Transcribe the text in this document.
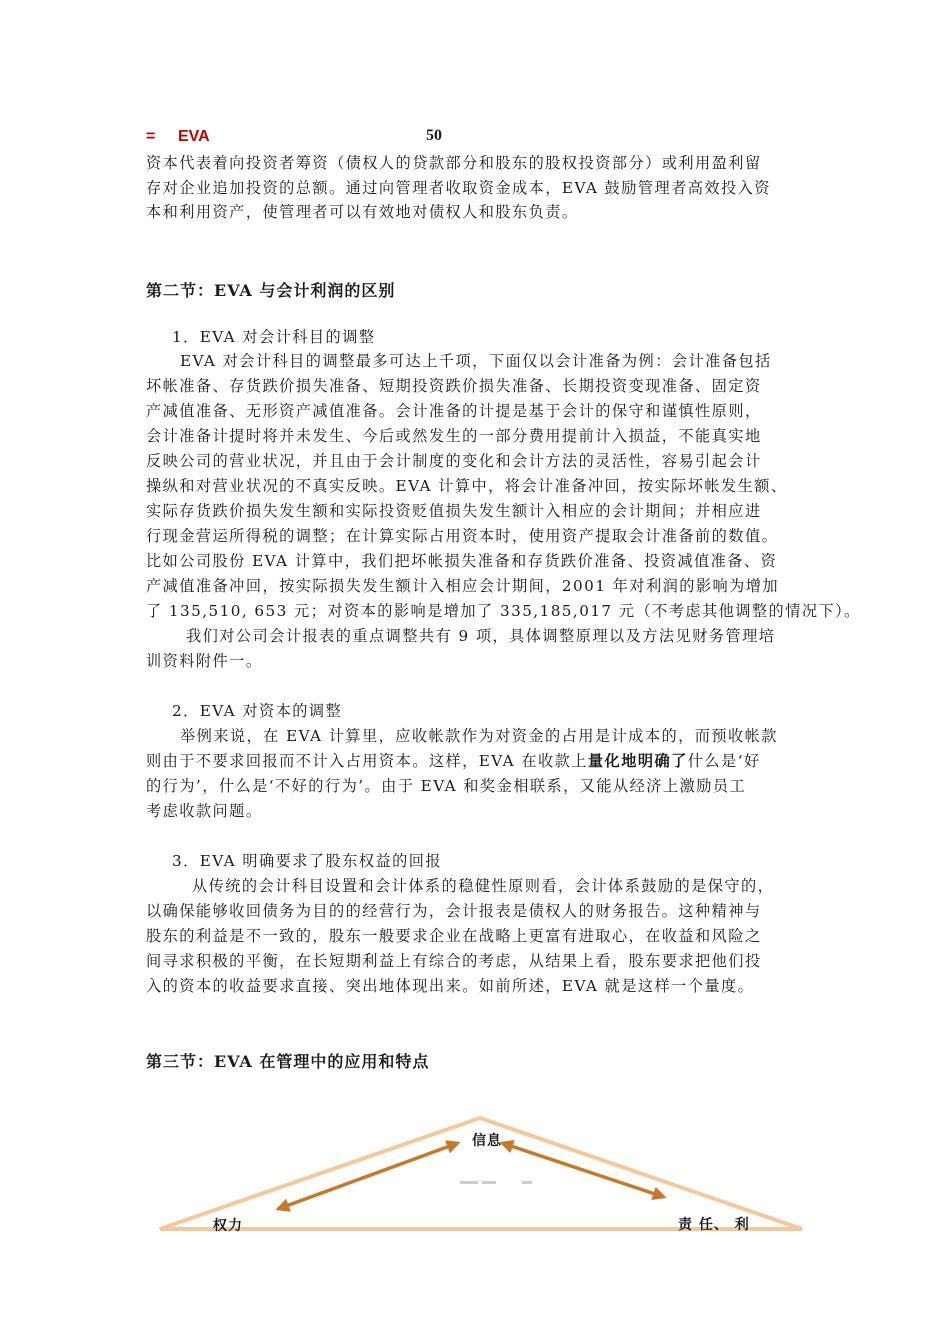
= EVA	50
资本代表着向投资者筹资（债权人的贷款部分和股东的股权投资部分）或利用盈利留
存对企业追加投资的总额。通过向管理者收取资金成本，EVA 鼓励管理者高效投入资
本和利用资产，使管理者可以有效地对债权人和股东负责。
第二节：EVA 与会计利润的区别
1．EVA 对会计科目的调整
EVA 对会计科目的调整最多可达上千项，下面仅以会计准备为例：会计准备包括
坏帐准备、存货跌价损失准备、短期投资跌价损失准备、长期投资变现准备、固定资
产减值准备、无形资产减值准备。会计准备的计提是基于会计的保守和谨慎性原则，
会计准备计提时将并未发生、今后或然发生的一部分费用提前计入损益，不能真实地
反映公司的营业状况，并且由于会计制度的变化和会计方法的灵活性，容易引起会计
操纵和对营业状况的不真实反映。EVA 计算中，将会计准备冲回，按实际坏帐发生额、
实际存货跌价损失发生额和实际投资贬值损失发生额计入相应的会计期间；并相应进
行现金营运所得税的调整；在计算实际占用资本时，使用资产提取会计准备前的数值。
比如公司股份 EVA 计算中，我们把坏帐损失准备和存货跌价准备、投资减值准备、资
产减值准备冲回，按实际损失发生额计入相应会计期间，2001 年对利润的影响为增加
了 135,510, 653 元；对资本的影响是增加了 335,185,017 元（不考虑其他调整的情况下）。
我们对公司会计报表的重点调整共有 9 项，具体调整原理以及方法见财务管理培
训资料附件一。
2．EVA 对资本的调整
举例来说，在 EVA 计算里，应收帐款作为对资金的占用是计成本的，而预收帐款
则由于不要求回报而不计入占用资本。这样，EVA 在收款上量化地明确了什么是‘好
的行为’，什么是‘不好的行为’。由于 EVA 和奖金相联系，又能从经济上激励员工
考虑收款问题。
3．EVA 明确要求了股东权益的回报
从传统的会计科目设置和会计体系的稳健性原则看，会计体系鼓励的是保守的，
以确保能够收回债务为目的的经营行为，会计报表是债权人的财务报告。这种精神与
股东的利益是不一致的，股东一般要求企业在战略上更富有进取心，在收益和风险之
间寻求积极的平衡，在长短期利益上有综合的考虑，从结果上看，股东要求把他们投
入的资本的收益要求直接、突出地体现出来。如前所述，EVA 就是这样一个量度。
第三节：EVA 在管理中的应用和特点
信息
权力	责 任、 利
